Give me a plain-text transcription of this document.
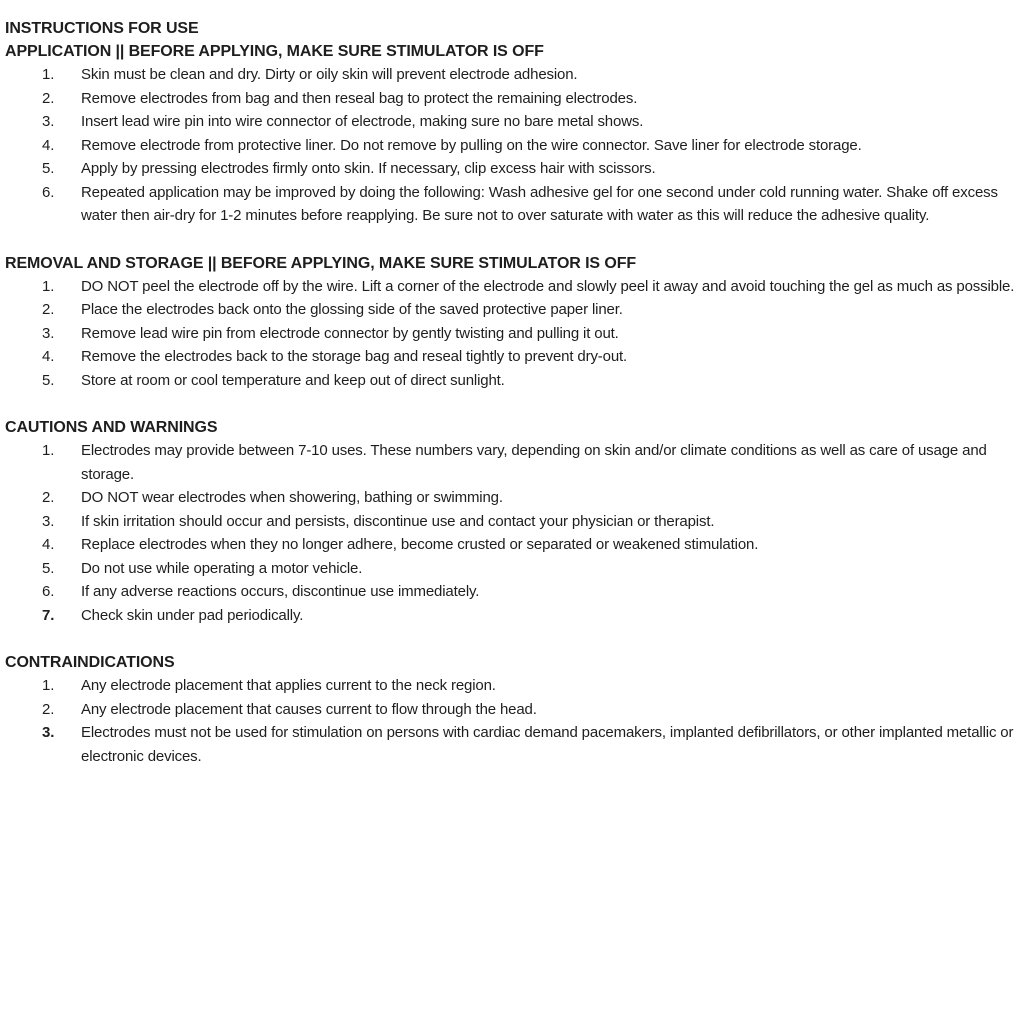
INSTRUCTIONS FOR USE
APPLICATION || BEFORE APPLYING, MAKE SURE STIMULATOR IS OFF
1.	Skin must be clean and dry. Dirty or oily skin will prevent electrode adhesion.
2.	Remove electrodes from bag and then reseal bag to protect the remaining electrodes.
3.	Insert lead wire pin into wire connector of electrode, making sure no bare metal shows.
4.	Remove electrode from protective liner. Do not remove by pulling on the wire connector. Save liner for electrode storage.
5.	Apply by pressing electrodes firmly onto skin. If necessary, clip excess hair with scissors.
6.	Repeated application may be improved by doing the following: Wash adhesive gel for one second under cold running water. Shake off excess water then air-dry for 1-2 minutes before reapplying. Be sure not to over saturate with water as this will reduce the adhesive quality.
REMOVAL AND STORAGE || BEFORE APPLYING, MAKE SURE STIMULATOR IS OFF
1.	DO NOT peel the electrode off by the wire. Lift a corner of the electrode and slowly peel it away and avoid touching the gel as much as possible.
2.	Place the electrodes back onto the glossing side of the saved protective paper liner.
3.	Remove lead wire pin from electrode connector by gently twisting and pulling it out.
4.	Remove the electrodes back to the storage bag and reseal tightly to prevent dry-out.
5.	Store at room or cool temperature and keep out of direct sunlight.
CAUTIONS AND WARNINGS
1.	Electrodes may provide between 7-10 uses. These numbers vary, depending on skin and/or climate conditions as well as care of usage and storage.
2.	DO NOT wear electrodes when showering, bathing or swimming.
3.	If skin irritation should occur and persists, discontinue use and contact your physician or therapist.
4.	Replace electrodes when they no longer adhere, become crusted or separated or weakened stimulation.
5.	Do not use while operating a motor vehicle.
6.	If any adverse reactions occurs, discontinue use immediately.
7.	Check skin under pad periodically.
CONTRAINDICATIONS
1.	Any electrode placement that applies current to the neck region.
2.	Any electrode placement that causes current to flow through the head.
3.	Electrodes must not be used for stimulation on persons with cardiac demand pacemakers, implanted defibrillators, or other implanted metallic or electronic devices.
